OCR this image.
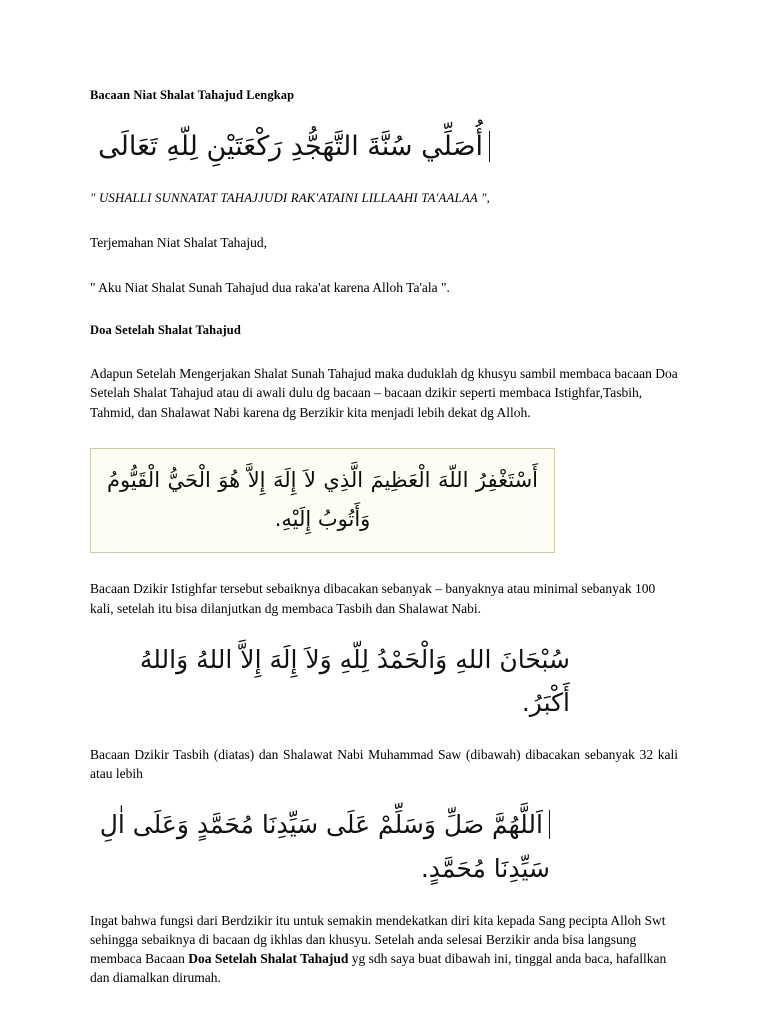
Bacaan Niat Shalat Tahajud Lengkap
أُصَلِّي سُنَّةَ التَّهَجُّدِ رَكْعَتَيْنِ لِلّهِ تَعَالَى

" USHALLI SUNNATAT TAHAJJUDI RAK'ATAINI LILLAAHI TA'AALAA ",

Terjemahan Niat Shalat Tahajud,

" Aku Niat Shalat Sunah Tahajud dua raka'at karena Alloh Ta'ala ".

Doa Setelah Shalat Tahajud

Adapun Setelah Mengerjakan Shalat Sunah Tahajud maka duduklah dg khusyu sambil membaca bacaan Doa Setelah Shalat Tahajud atau di awali dulu dg bacaan – bacaan dzikir seperti membaca Istighfar,Tasbih, Tahmid, dan Shalawat Nabi karena dg Berzikir kita menjadi lebih dekat dg Alloh.

أَسْتَغْفِرُ اللّهَ الْعَظِيمَ الَّذِي لاَ إِلَهَ إِلاَّ هُوَ الْحَيُّ الْقَيُّومُ وَأَتُوبُ إِلَيْهِ.

Bacaan Dzikir Istighfar tersebut sebaiknya dibacakan sebanyak – banyaknya atau minimal sebanyak 100 kali, setelah itu bisa dilanjutkan dg membaca Tasbih dan Shalawat Nabi.

سُبْحَانَ اللهِ وَالْحَمْدُ لِلّهِ وَلاَ إِلَهَ إِلاَّ اللهُ وَاللهُ أَكْبَرُ.

Bacaan Dzikir Tasbih (diatas) dan Shalawat Nabi Muhammad Saw (dibawah) dibacakan sebanyak 32 kali atau lebih

اَللَّهُمَّ صَلِّ وَسَلِّمْ عَلَى سَيِّدِنَا مُحَمَّدٍ وَعَلَى اٰلِ سَيِّدِنَا مُحَمَّدٍ.

Ingat bahwa fungsi dari Berdzikir itu untuk semakin mendekatkan diri kita kepada Sang pecipta Alloh Swt sehingga sebaiknya di bacaan dg ikhlas dan khusyu. Setelah anda selesai Berzikir anda bisa langsung membaca Bacaan Doa Setelah Shalat Tahajud yg sdh saya buat dibawah ini, tinggal anda baca, hafallkan dan diamalkan dirumah.
